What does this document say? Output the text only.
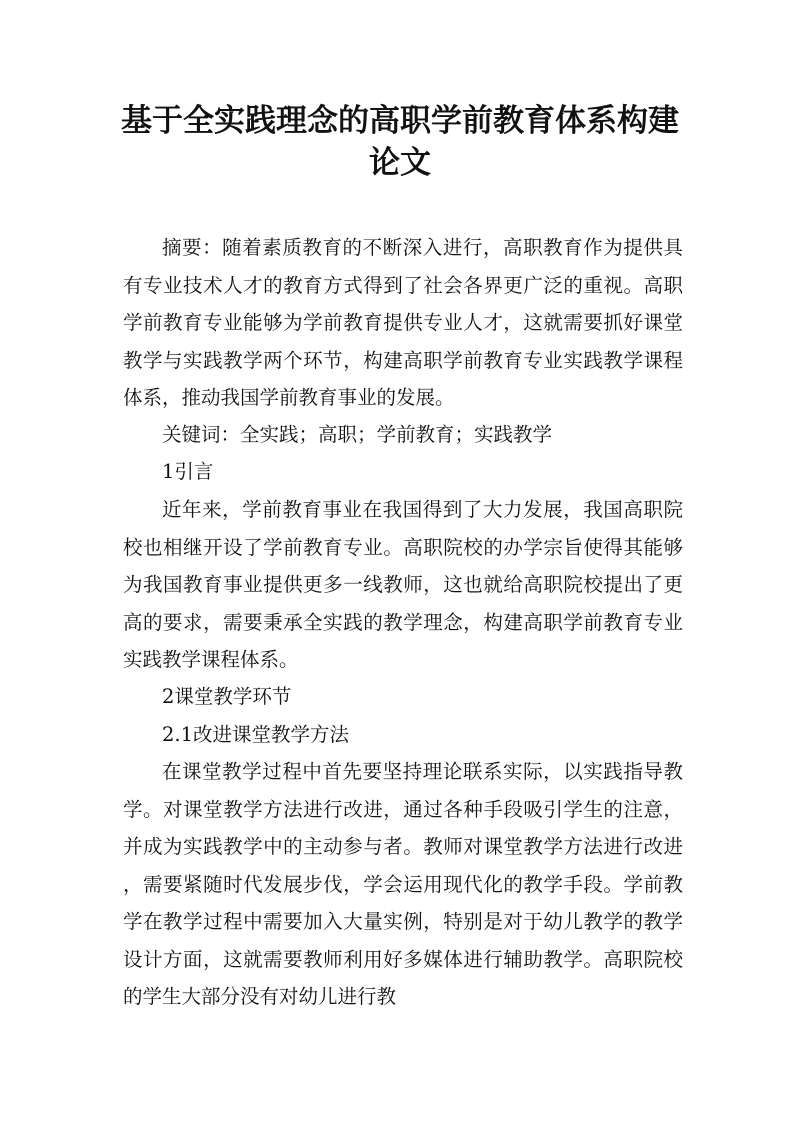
基于全实践理念的高职学前教育体系构建
论文

摘要：随着素质教育的不断深入进行，高职教育作为提供具有专业技术人才的教育方式得到了社会各界更广泛的重视。高职学前教育专业能够为学前教育提供专业人才，这就需要抓好课堂教学与实践教学两个环节，构建高职学前教育专业实践教学课程体系，推动我国学前教育事业的发展。

关键词：全实践；高职；学前教育；实践教学

1引言

近年来，学前教育事业在我国得到了大力发展，我国高职院校也相继开设了学前教育专业。高职院校的办学宗旨使得其能够为我国教育事业提供更多一线教师，这也就给高职院校提出了更高的要求，需要秉承全实践的教学理念，构建高职学前教育专业实践教学课程体系。

2课堂教学环节

2.1改进课堂教学方法

在课堂教学过程中首先要坚持理论联系实际，以实践指导教学。对课堂教学方法进行改进，通过各种手段吸引学生的注意，并成为实践教学中的主动参与者。教师对课堂教学方法进行改进，需要紧随时代发展步伐，学会运用现代化的教学手段。学前教学在教学过程中需要加入大量实例，特别是对于幼儿教学的教学设计方面，这就需要教师利用好多媒体进行辅助教学。高职院校的学生大部分没有对幼儿进行教
